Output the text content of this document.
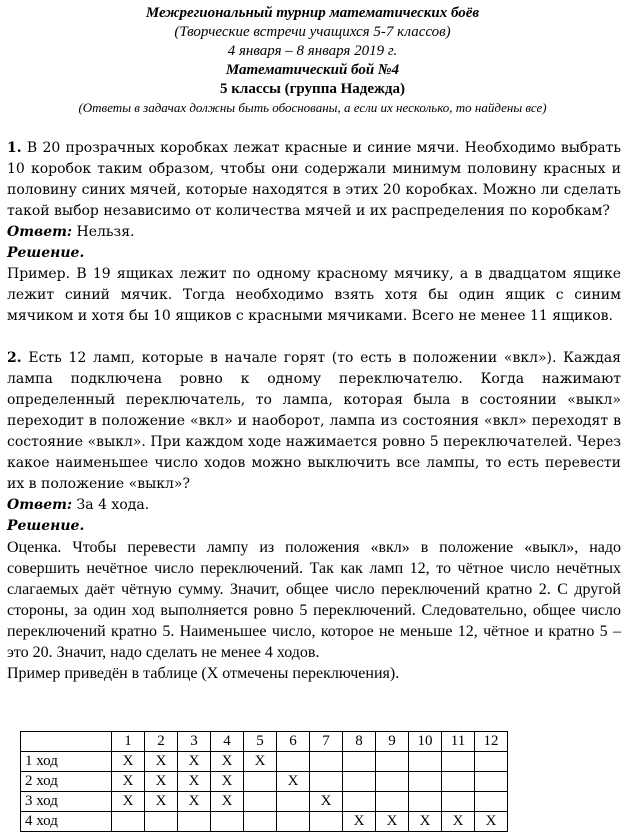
Межрегиональный турнир математических боёв
(Творческие встречи учащихся 5-7 классов)
4 января – 8 января 2019 г.
Математический бой №4
5 классы (группа Надежда)
(Ответы в задачах должны быть обоснованы, а если их несколько, то найдены все)

1. В 20 прозрачных коробках лежат красные и синие мячи. Необходимо выбрать 10 коробок таким образом, чтобы они содержали минимум половину красных и половину синих мячей, которые находятся в этих 20 коробках. Можно ли сделать такой выбор независимо от количества мячей и их распределения по коробкам?

Ответ: Нельзя.

Решение.

Пример. В 19 ящиках лежит по одному красному мячику, а в двадцатом ящике лежит синий мячик. Тогда необходимо взять хотя бы один ящик с синим мячиком и хотя бы 10 ящиков с красными мячиками. Всего не менее 11 ящиков.

2. Есть 12 ламп, которые в начале горят (то есть в положении «вкл»). Каждая лампа подключена ровно к одному переключателю. Когда нажимают определенный переключатель, то лампа, которая была в состоянии «выкл» переходит в положение «вкл» и наоборот, лампа из состояния «вкл» переходят в состояние «выкл». При каждом ходе нажимается ровно 5 переключателей. Через какое наименьшее число ходов можно выключить все лампы, то есть перевести их в положение «выкл»?

Ответ: За 4 хода.

Решение.

Оценка. Чтобы перевести лампу из положения «вкл» в положение «выкл», надо совершить нечётное число переключений. Так как ламп 12, то чётное число нечётных слагаемых даёт чётную сумму. Значит, общее число переключений кратно 2. С другой стороны, за один ход выполняется ровно 5 переключений. Следовательно, общее число переключений кратно 5. Наименьшее число, которое не меньше 12, чётное и кратно 5 – это 20. Значит, надо сделать не менее 4 ходов.

Пример приведён в таблице (X отмечены переключения).

	1	2	3	4	5	6	7	8	9	10	11	12
1 ход	X	X	X	X	X							
2 ход	X	X	X	X		X						
3 ход	X	X	X	X			X					
4 ход								X	X	X	X	X
